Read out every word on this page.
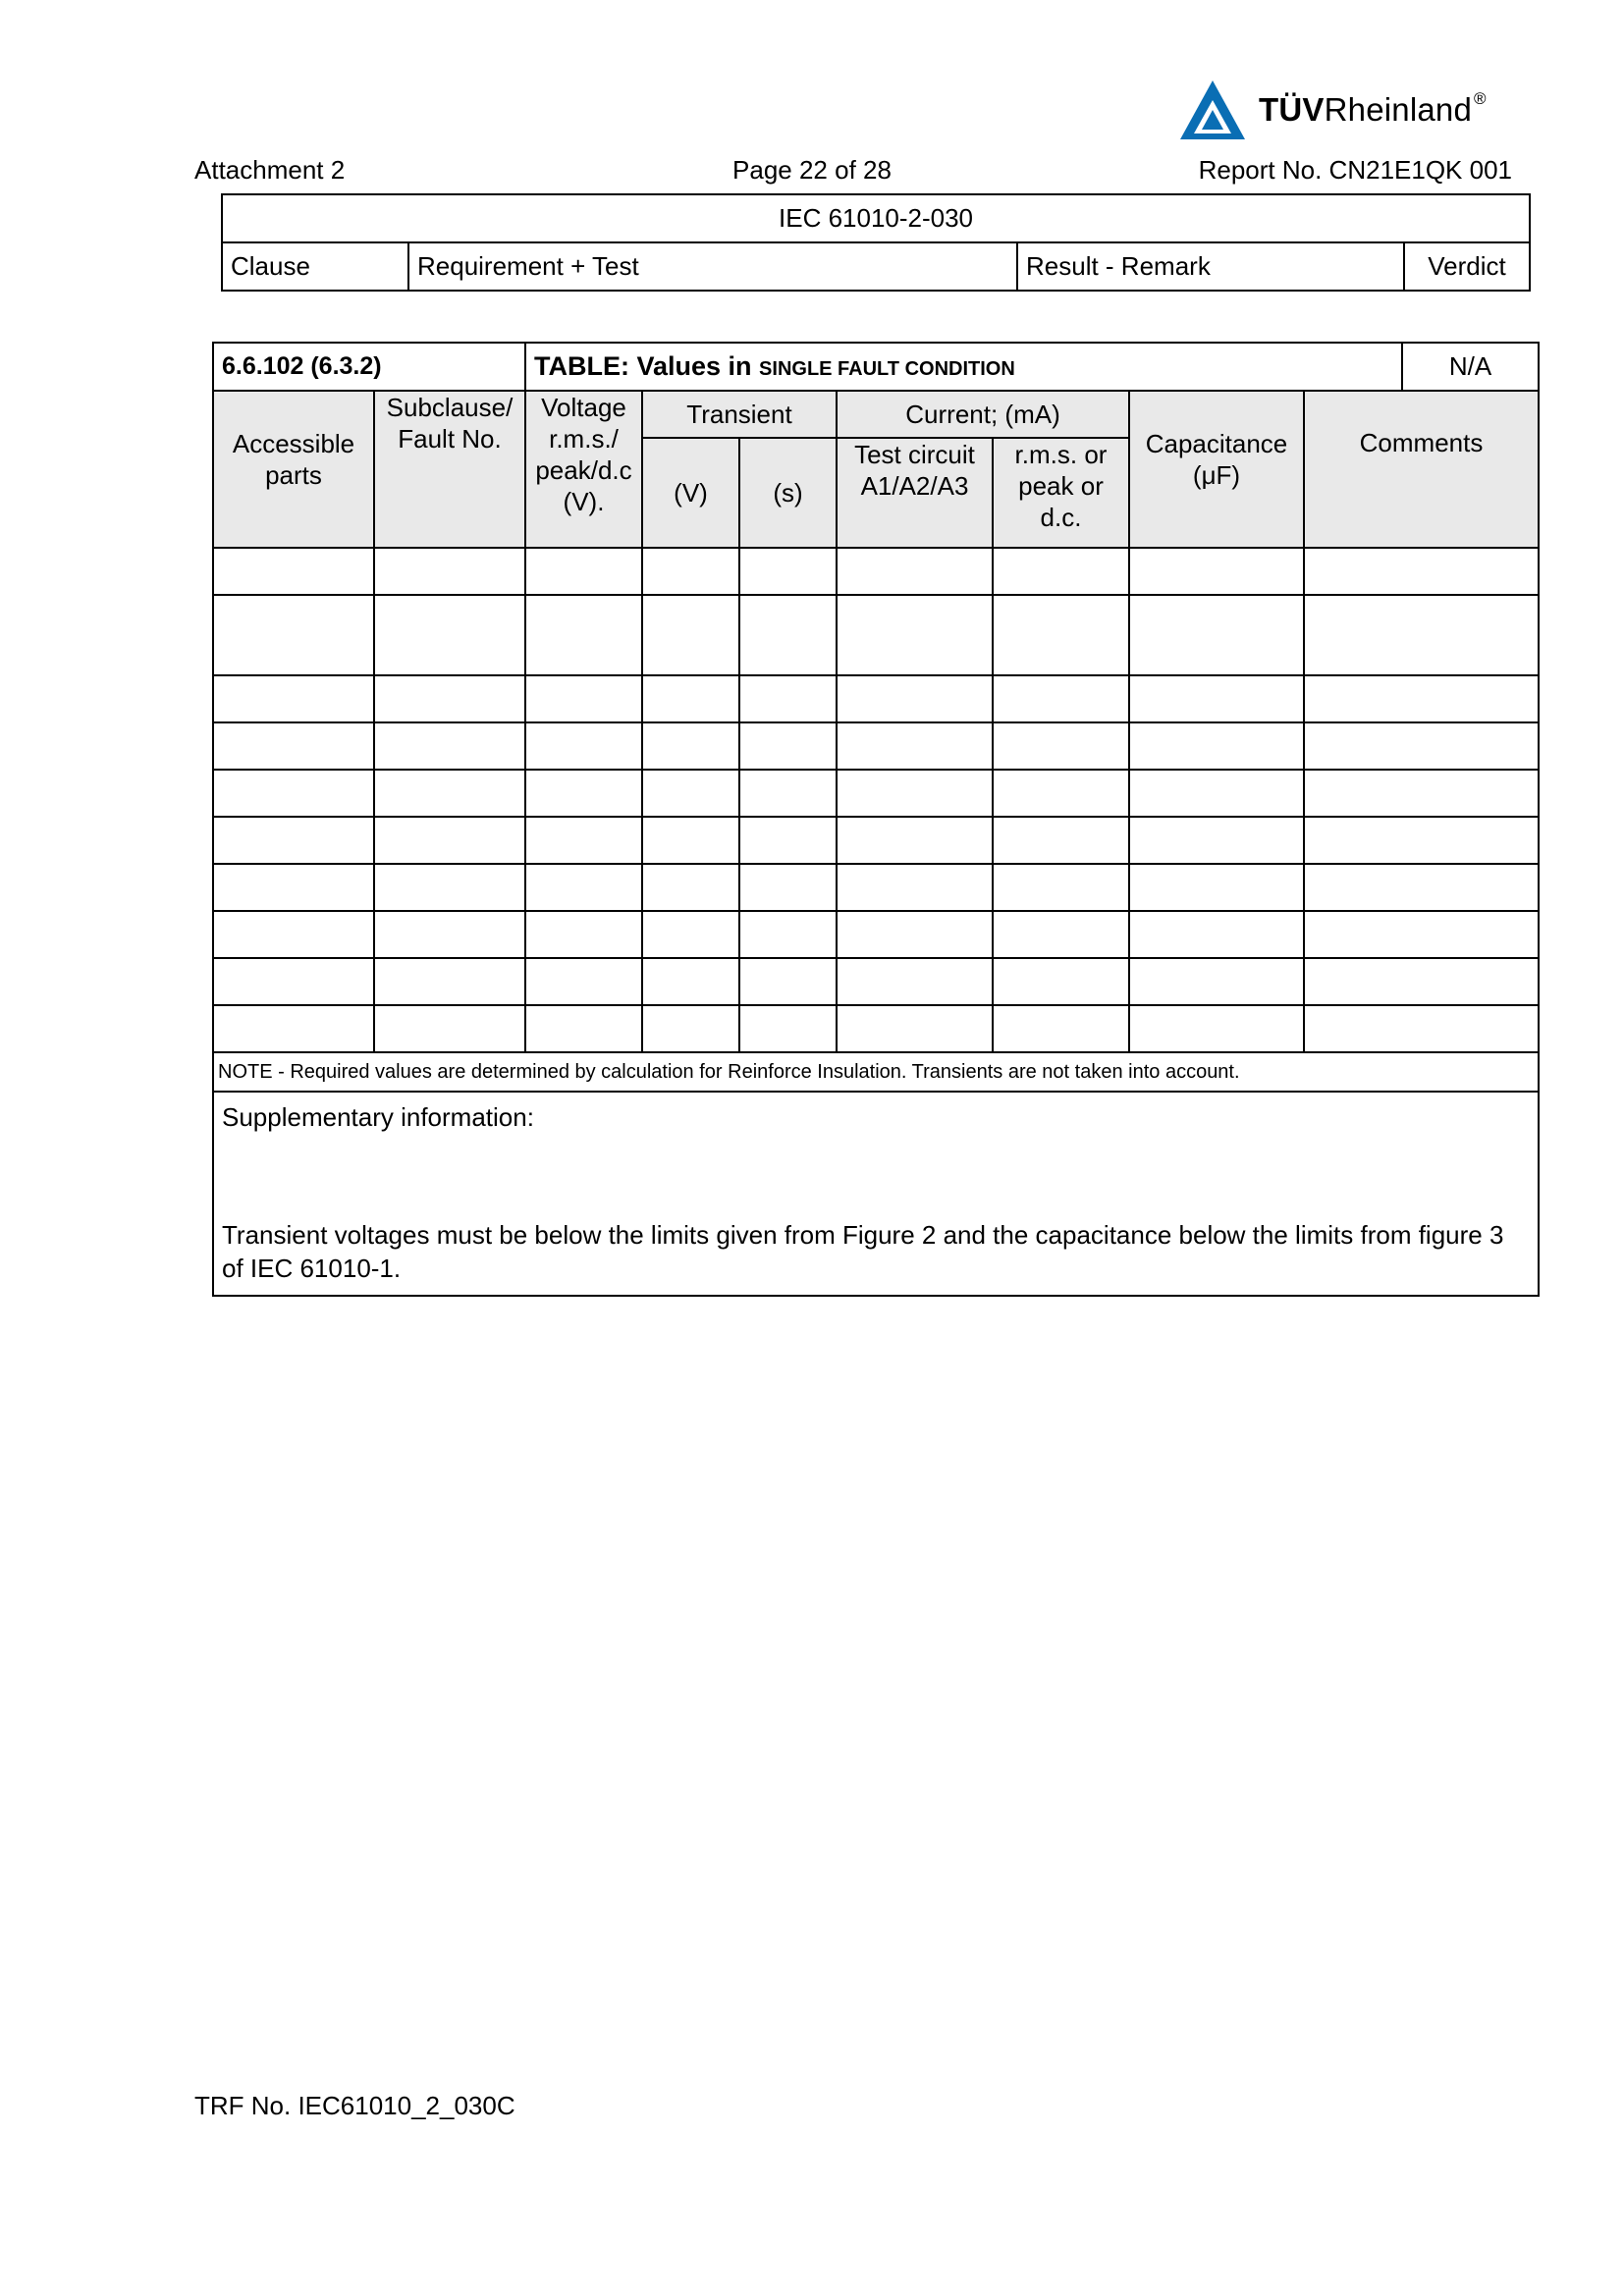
TÜVRheinland ®
Attachment 2	Page 22 of 28	Report No. CN21E1QK 001
IEC 61010-2-030
Clause	Requirement + Test	Result - Remark	Verdict
6.6.102 (6.3.2)		TABLE: Values in SINGLE FAULT CONDITION							N/A
Accessible parts	Subclause/ Fault No.	Voltage r.m.s./ peak/d.c (V).	Transient		Current; (mA)		Capacitance (μF)	Comments	
			(V)	(s)	Test circuit A1/A2/A3	r.m.s. or peak or d.c.			

NOTE - Required values are determined by calculation for Reinforce Insulation. Transients are not taken into account.									

Supplementary information:
Transient voltages must be below the limits given from Figure 2 and the capacitance below the limits from figure 3 of IEC 61010-1.									
TRF No. IEC61010_2_030C
